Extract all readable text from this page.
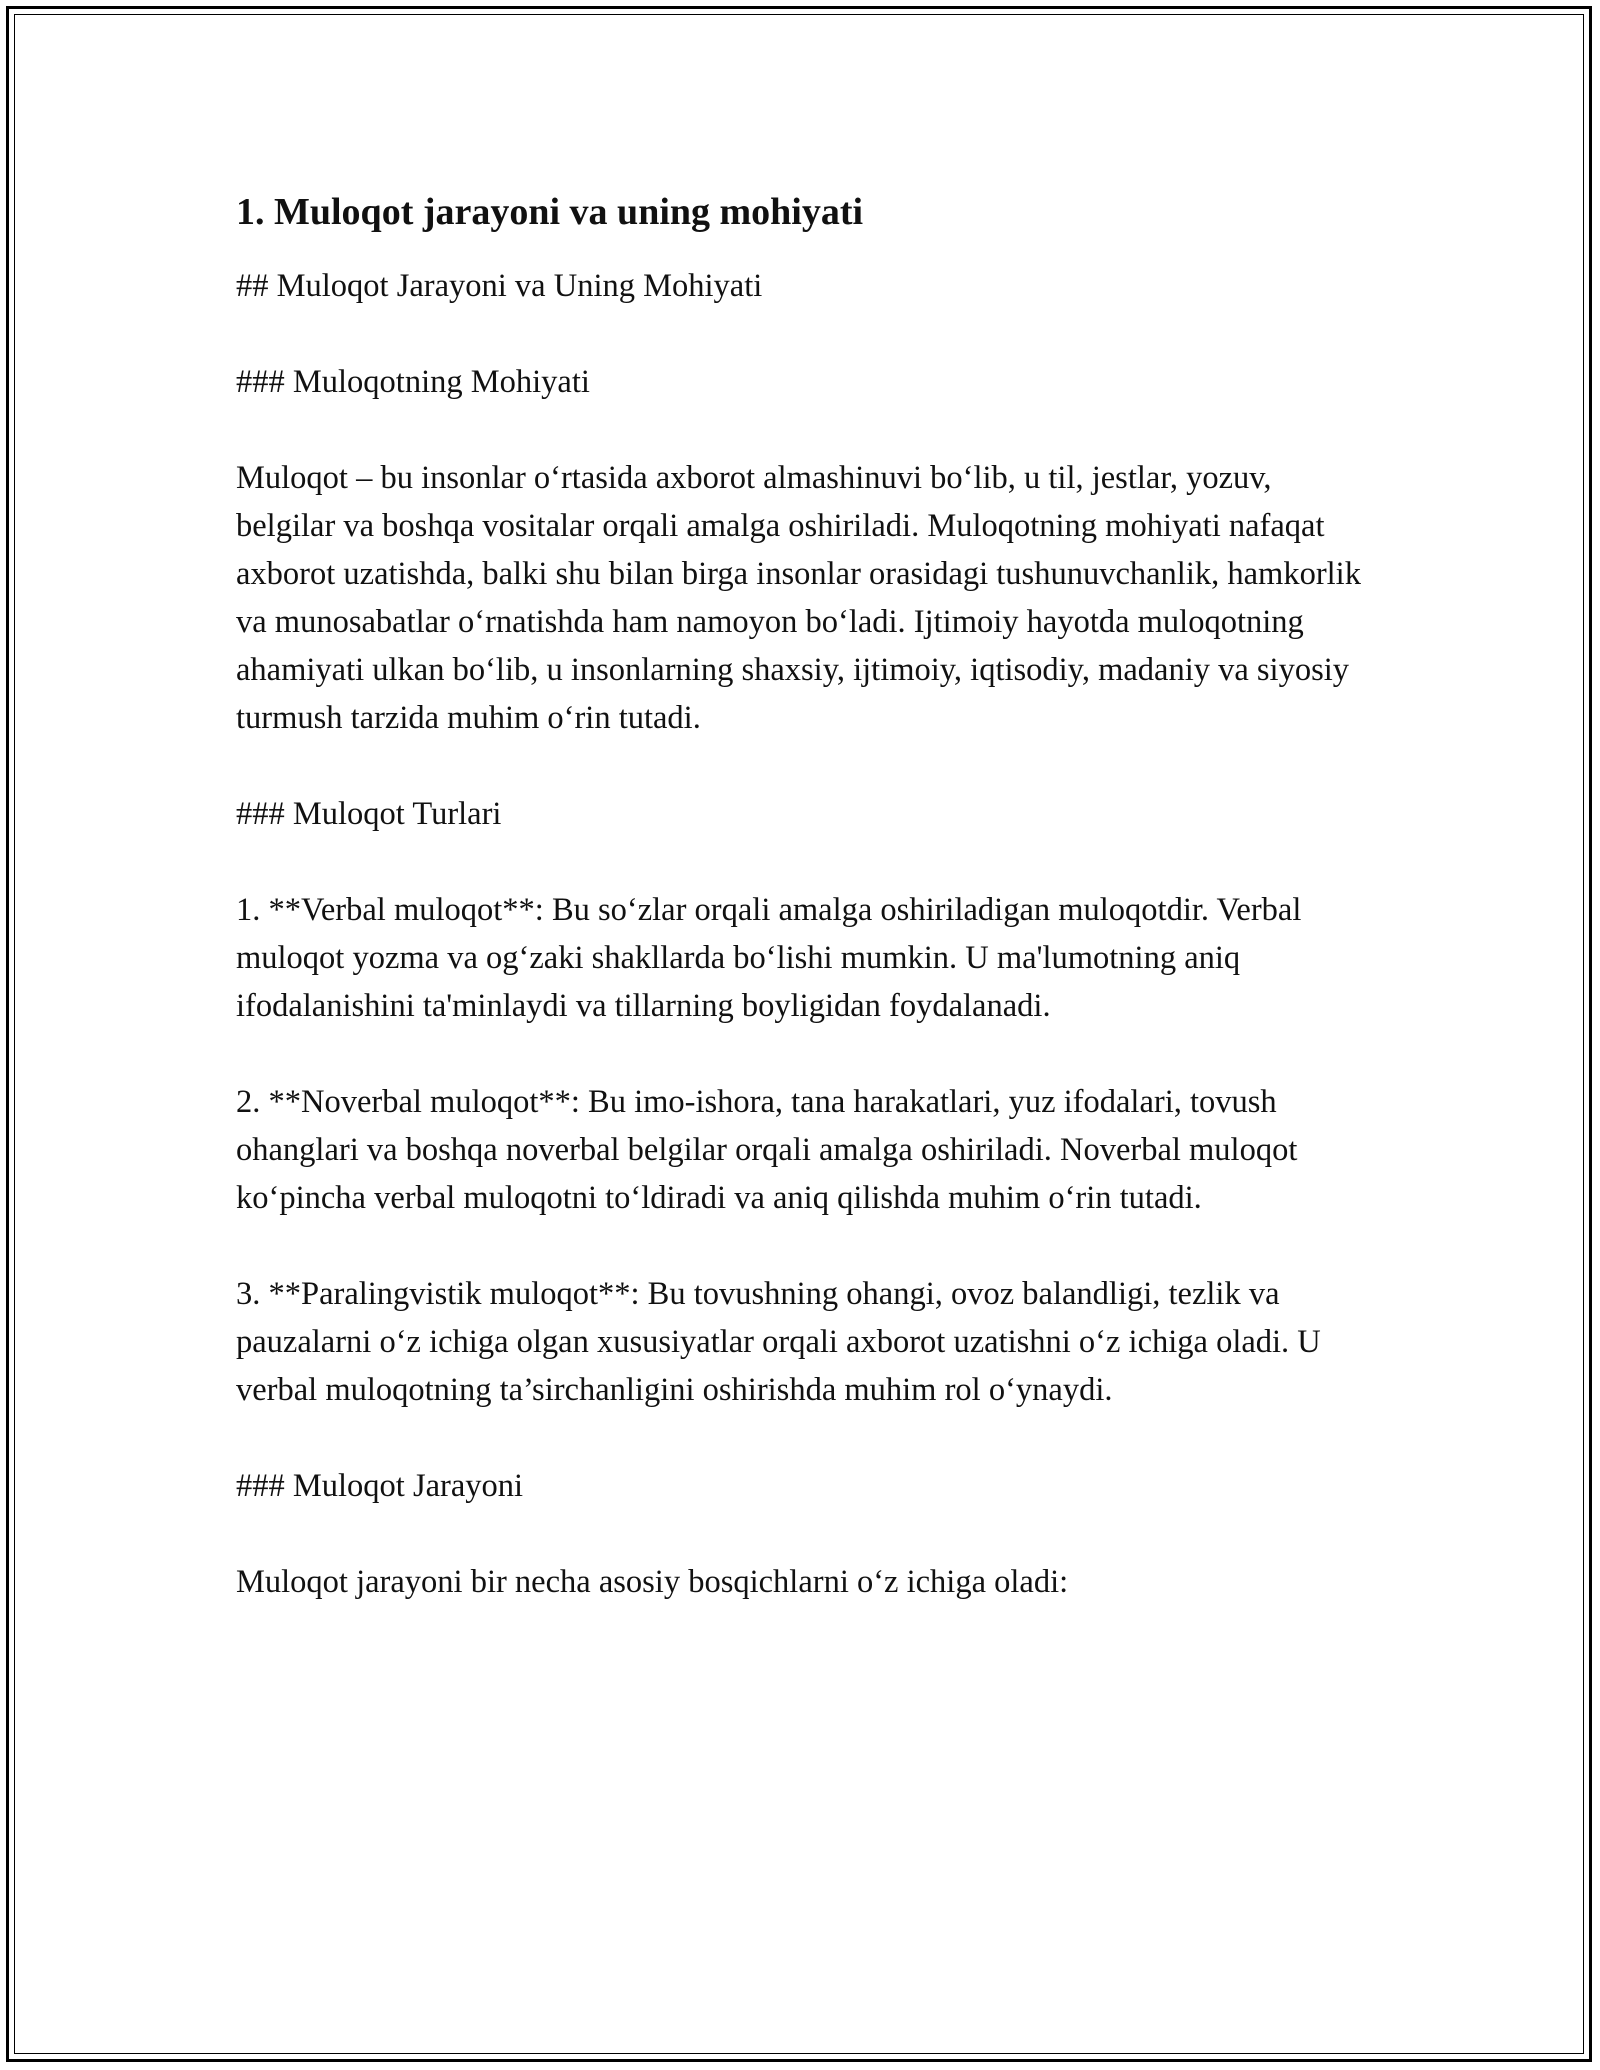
1. Muloqot jarayoni va uning mohiyati

## Muloqot Jarayoni va Uning Mohiyati

### Muloqotning Mohiyati

Muloqot – bu insonlar o‘rtasida axborot almashinuvi bo‘lib, u til, jestlar, yozuv, belgilar va boshqa vositalar orqali amalga oshiriladi. Muloqotning mohiyati nafaqat axborot uzatishda, balki shu bilan birga insonlar orasidagi tushunuvchanlik, hamkorlik va munosabatlar o‘rnatishda ham namoyon bo‘ladi. Ijtimoiy hayotda muloqotning ahamiyati ulkan bo‘lib, u insonlarning shaxsiy, ijtimoiy, iqtisodiy, madaniy va siyosiy turmush tarzida muhim o‘rin tutadi.

### Muloqot Turlari

1. **Verbal muloqot**: Bu so‘zlar orqali amalga oshiriladigan muloqotdir. Verbal muloqot yozma va og‘zaki shakllarda bo‘lishi mumkin. U ma'lumotning aniq ifodalanishini ta'minlaydi va tillarning boyligidan foydalanadi.

2. **Noverbal muloqot**: Bu imo-ishora, tana harakatlari, yuz ifodalari, tovush ohanglari va boshqa noverbal belgilar orqali amalga oshiriladi. Noverbal muloqot ko‘pincha verbal muloqotni to‘ldiradi va aniq qilishda muhim o‘rin tutadi.

3. **Paralingvistik muloqot**: Bu tovushning ohangi, ovoz balandligi, tezlik va pauzalarni o‘z ichiga olgan xususiyatlar orqali axborot uzatishni o‘z ichiga oladi. U verbal muloqotning ta’sirchanligini oshirishda muhim rol o‘ynaydi.

### Muloqot Jarayoni

Muloqot jarayoni bir necha asosiy bosqichlarni o‘z ichiga oladi:
